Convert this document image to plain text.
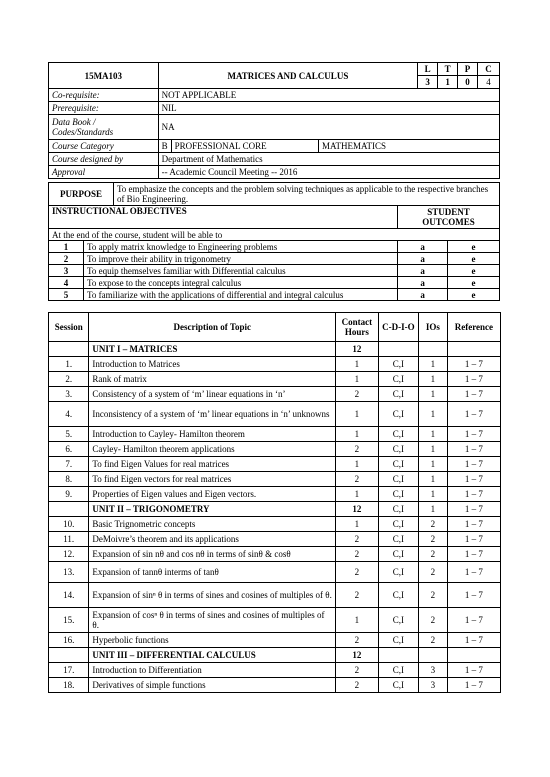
15MA103	MATRICES AND CALCULUS			L	T	P	C
				3	1	0	4
Co-requisite:	NOT APPLICABLE						
Prerequisite:	NIL						
Data Book / Codes/Standards	NA						
Course Category	B	PROFESSIONAL CORE	MATHEMATICS				
Course designed by	Department of Mathematics						
Approval	-- Academic Council Meeting -- 2016						
PURPOSE		To emphasize the concepts and the problem solving techniques as applicable to the respective branches of Bio Engineering.		
INSTRUCTIONAL OBJECTIVES			STUDENT OUTCOMES	
At the end of the course, student will be able to				
1	To apply matrix knowledge to Engineering problems		a	e
2	To improve their ability in trigonometry		a	e
3	To equip themselves familiar with Differential calculus		a	e
4	To expose to the concepts integral calculus		a	e
5	To familiarize with the applications of differential and integral calculus		a	e
Session	Description of Topic	Contact Hours	C-D-I-O	IOs	Reference
	UNIT I – MATRICES	12			
1.	Introduction to Matrices	1	C,I	1	1 – 7
2.	Rank of matrix	1	C,I	1	1 – 7
3.	Consistency of a system of ‘m’ linear equations in ‘n’	2	C,I	1	1 – 7
4.	Inconsistency of a system of ‘m’ linear equations in ‘n’ unknowns	1	C,I	1	1 – 7
5.	Introduction to Cayley- Hamilton theorem	1	C,I	1	1 – 7
6.	Cayley- Hamilton theorem applications	2	C,I	1	1 – 7
7.	To find Eigen Values for real matrices	1	C,I	1	1 – 7
8.	To find Eigen vectors for real matrices	2	C,I	1	1 – 7
9.	Properties of Eigen values and Eigen vectors.	1	C,I	1	1 – 7
	UNIT II – TRIGONOMETRY	12	C,I	1	1 – 7
10.	Basic Trignometric concepts	1	C,I	2	1 – 7
11.	DeMoivre’s theorem and its applications	2	C,I	2	1 – 7
12.	Expansion of sin nθ and cos nθ in terms of sinθ & cosθ	2	C,I	2	1 – 7
13.	Expansion of tannθ interms of tanθ	2	C,I	2	1 – 7
14.	Expansion of sinⁿ θ in terms of sines and cosines of multiples of θ.	2	C,I	2	1 – 7
15.	Expansion of cosⁿ θ in terms of sines and cosines of multiples of θ.	1	C,I	2	1 – 7
16.	Hyperbolic functions	2	C,I	2	1 – 7
	UNIT III – DIFFERENTIAL CALCULUS	12			
17.	Introduction to Differentiation	2	C,I	3	1 – 7
18.	Derivatives of simple functions	2	C,I	3	1 – 7
